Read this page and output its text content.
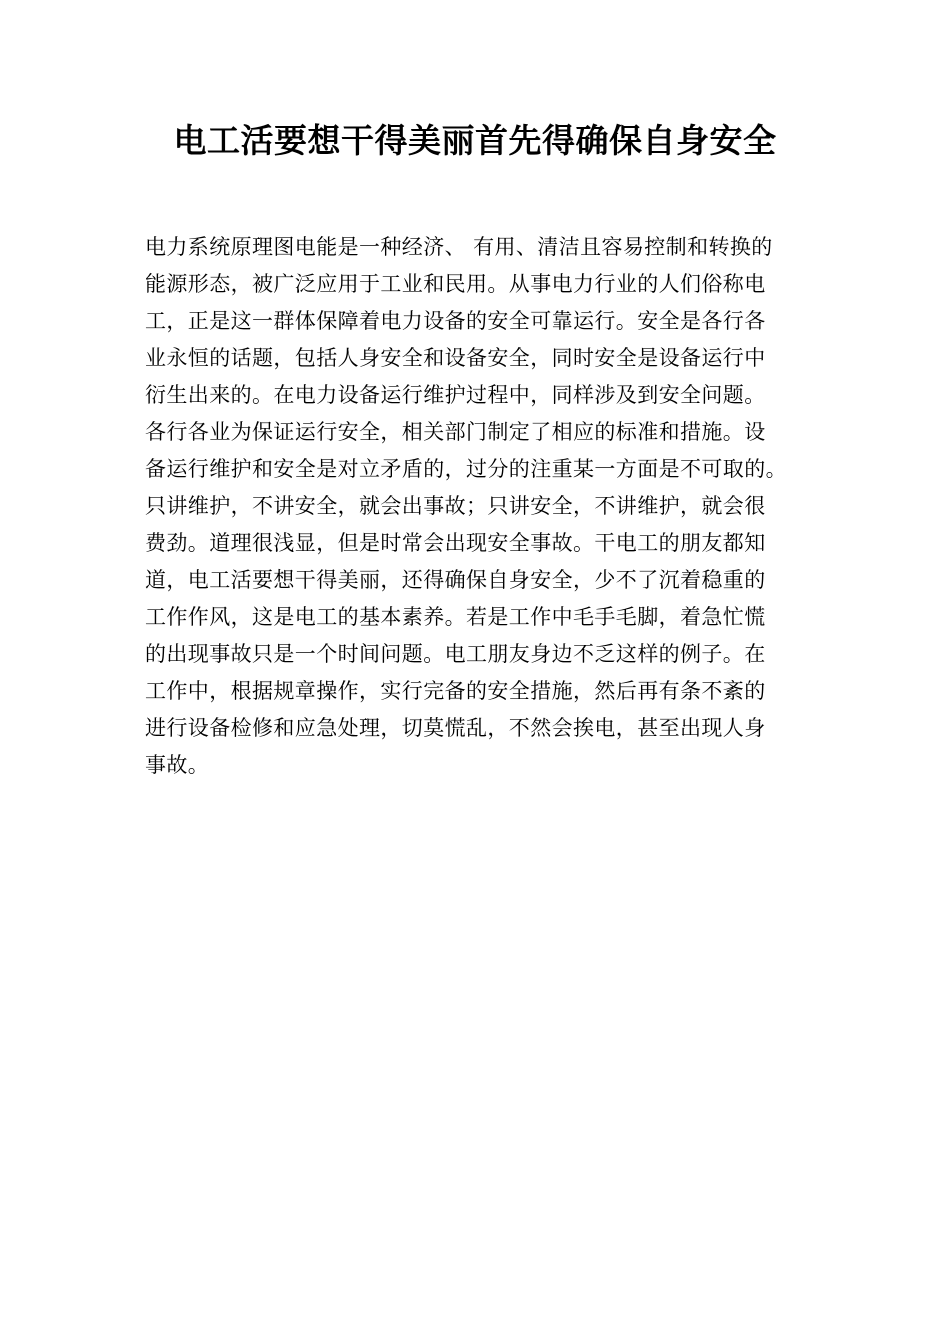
电工活要想干得美丽首先得确保自身安全
电力系统原理图电能是一种经济、 有用、清洁且容易控制和转换的
能源形态，被广泛应用于工业和民用。从事电力行业的人们俗称电
工，正是这一群体保障着电力设备的安全可靠运行。安全是各行各
业永恒的话题，包括人身安全和设备安全，同时安全是设备运行中
衍生出来的。在电力设备运行维护过程中，同样涉及到安全问题。
各行各业为保证运行安全，相关部门制定了相应的标准和措施。设
备运行维护和安全是对立矛盾的，过分的注重某一方面是不可取的。
只讲维护，不讲安全，就会出事故；只讲安全，不讲维护，就会很
费劲。道理很浅显，但是时常会出现安全事故。干电工的朋友都知
道，电工活要想干得美丽，还得确保自身安全，少不了沉着稳重的
工作作风，这是电工的基本素养。若是工作中毛手毛脚，着急忙慌
的出现事故只是一个时间问题。电工朋友身边不乏这样的例子。在
工作中，根据规章操作，实行完备的安全措施，然后再有条不紊的
进行设备检修和应急处理，切莫慌乱，不然会挨电，甚至出现人身
事故。
